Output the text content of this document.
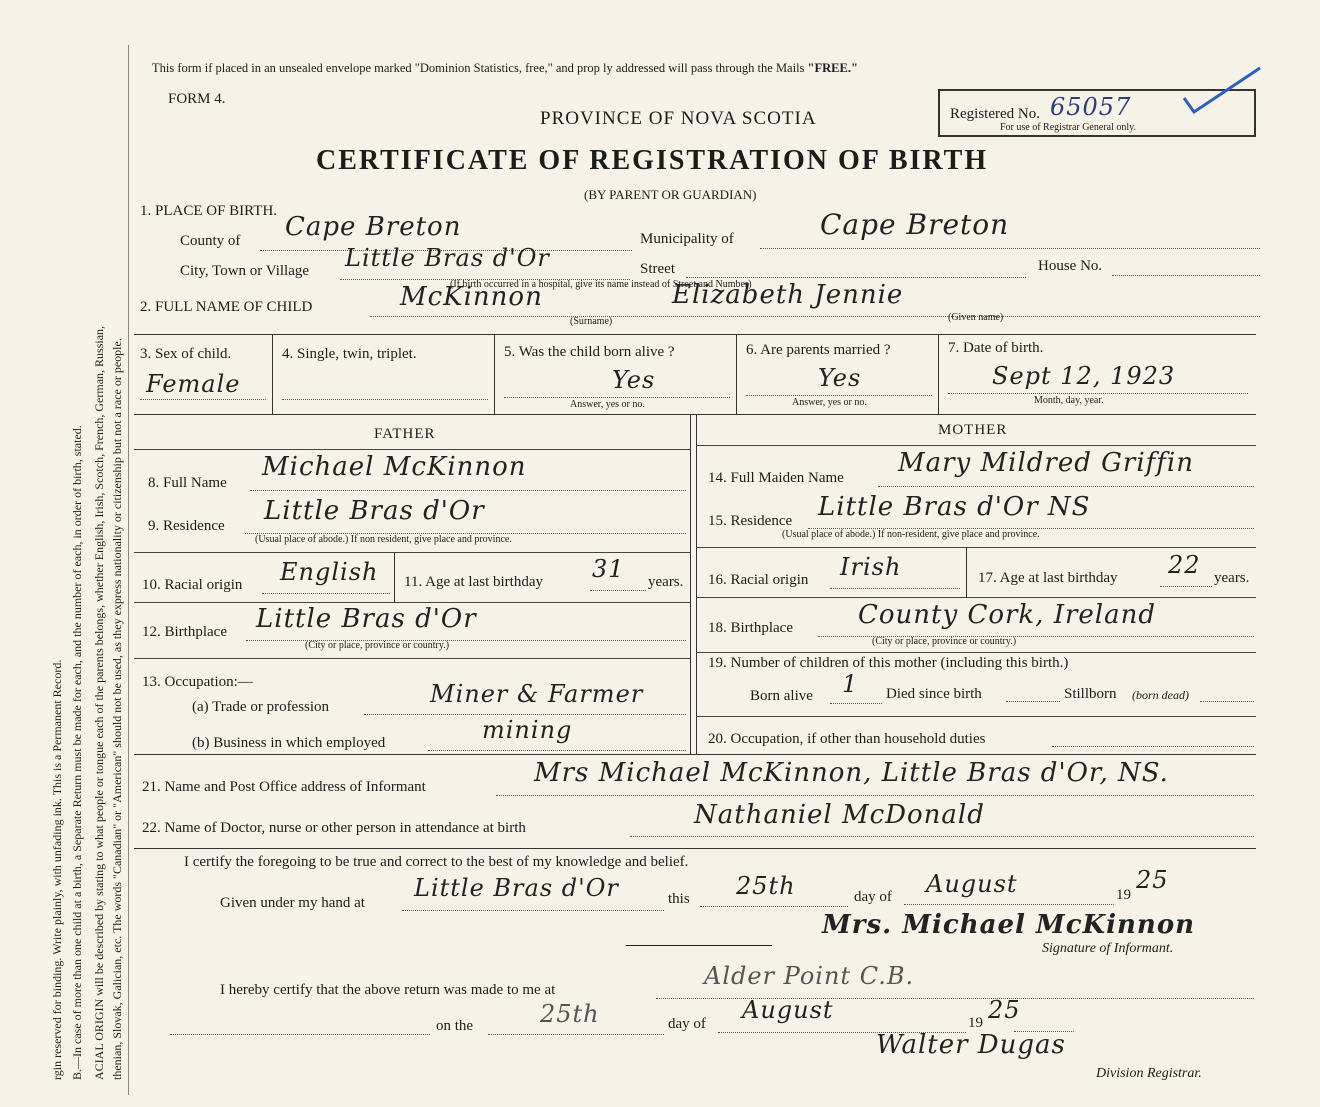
rgin reserved for binding. Write plainly, with unfading ink. This is a Permanent Record. B.—In case of more than one child at a birth, a Separate Return must be made for each, and the number of each, in order of birth, stated. ACIAL ORIGIN will be described by stating to what people or tongue each of the parents belongs, whether English, Irish, Scotch, French, German, Russian, thenian, Slovak, Galician, etc. The words "Canadian" or "American" should not be used, as they express nationality or citizenship but not a race or people.
This form if placed in an unsealed envelope marked "Dominion Statistics, free," and prop ly addressed will pass through the Mails "FREE."
FORM 4.
PROVINCE OF NOVA SCOTIA	Registered No. 65057
For use of Registrar General only.
CERTIFICATE OF REGISTRATION OF BIRTH
(BY PARENT OR GUARDIAN)
1. PLACE OF BIRTH.
County of Cape Breton	Municipality of	Cape Breton
City, Town or Village Little Bras d'Or	Street	House No.
(If birth occurred in a hospital, give its name instead of Street and Number)
2. FULL NAME OF CHILD	McKinnon
(Surname)
Elizabeth Jennie
(Given name)
3. Sex of child.
Female
4. Single, twin, triplet.	5. Was the child born alive ?
Yes
Answer, yes or no.
6. Are parents married ?
Yes
Answer, yes or no.
7. Date of birth.
Sept 12, 1923
Month, day, year.
FATHER	MOTHER
8. Full Name
Michael McKinnon
9. Residence Little Bras d'Or
(Usual place of abode.) If non resident, give place and province.
10. Racial origin English 11. Age at last birthday 31 years.
12. Birthplace Little Bras d'Or
(City or place, province or country.)
13. Occupation:—
(a) Trade or profession	Miner & Farmer
(b) Business in which employed	mining
14. Full Maiden Name Mary Mildred Griffin
15. Residence Little Bras d'Or NS
(Usual place of abode.) If non-resident, give place and province.
16. Racial origin Irish	17. Age at last birthday 22 years.
18. Birthplace	County Cork, Ireland
(City or place, province or country.)
19. Number of children of this mother (including this birth.)
Born alive 1 Died since birth	Stillborn (born dead)
20. Occupation, if other than household duties
21. Name and Post Office address of Informant	Mrs Michael McKinnon, Little Bras d'Or, NS.
22. Name of Doctor, nurse or other person in attendance at birth	Nathaniel McDonald
I certify the foregoing to be true and correct to the best of my knowledge and belief.
Given under my hand at
Little Bras d'Or	this 25th	day of August	19
25
Mrs. Michael McKinnon
Signature of Informant.
I hereby certify that the above return was made to me at	Alder Point C.B.
on the	25th	day of August	19 25
Walter Dugas
Division Registrar.
